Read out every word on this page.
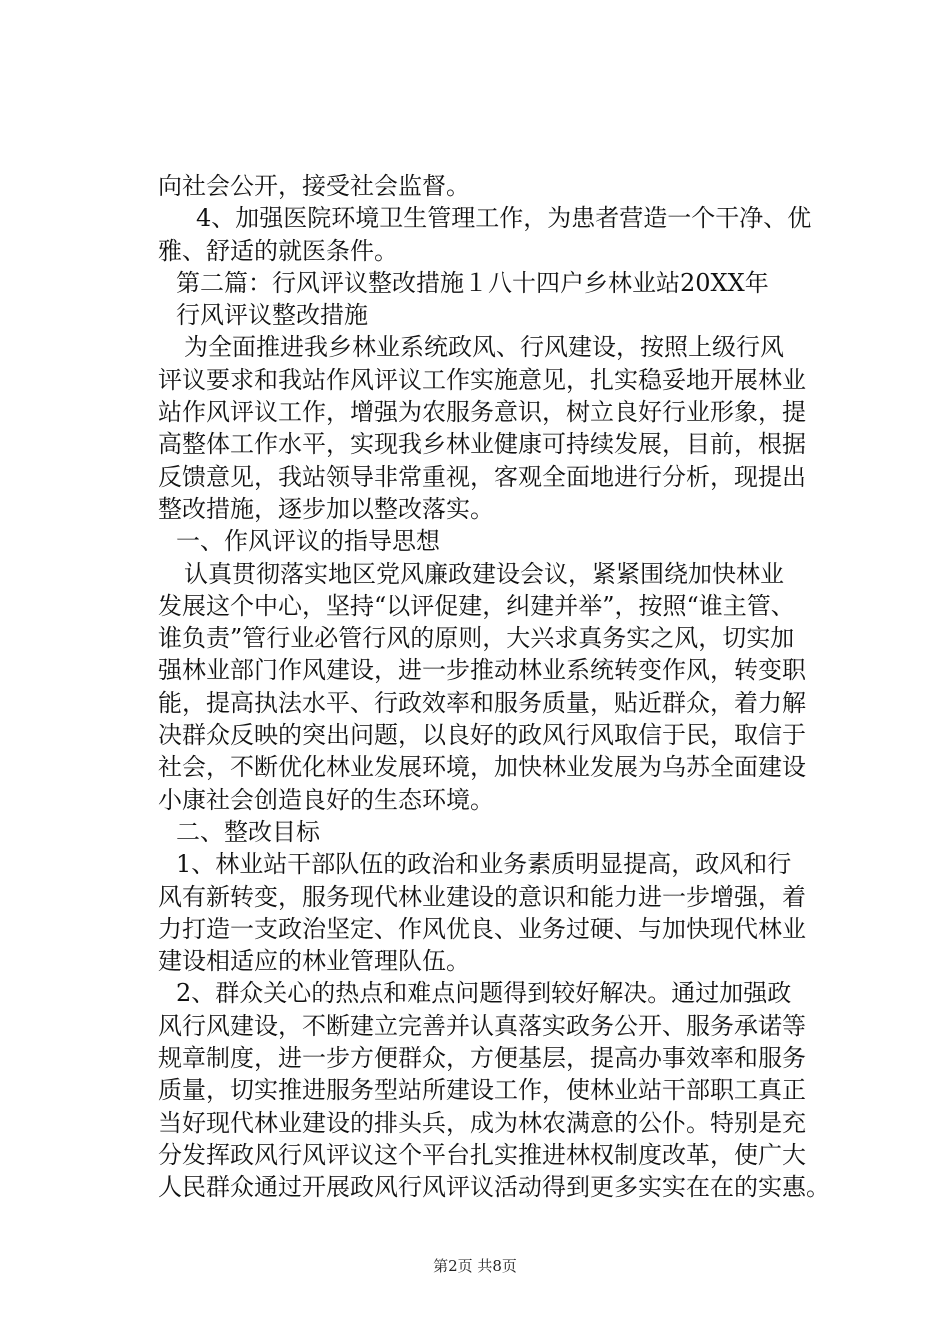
向社会公开，接受社会监督。
4、加强医院环境卫生管理工作，为患者营造一个干净、优
雅、舒适的就医条件。
第二篇：行风评议整改措施１八十四户乡林业站20XX年
行风评议整改措施
为全面推进我乡林业系统政风、行风建设，按照上级行风
评议要求和我站作风评议工作实施意见，扎实稳妥地开展林业
站作风评议工作，增强为农服务意识，树立良好行业形象，提
高整体工作水平，实现我乡林业健康可持续发展，目前，根据
反馈意见，我站领导非常重视，客观全面地进行分析，现提出
整改措施，逐步加以整改落实。
一、作风评议的指导思想
认真贯彻落实地区党风廉政建设会议，紧紧围绕加快林业
发展这个中心，坚持“以评促建，纠建并举”，按照“谁主管、
谁负责”管行业必管行风的原则，大兴求真务实之风，切实加
强林业部门作风建设，进一步推动林业系统转变作风，转变职
能，提高执法水平、行政效率和服务质量，贴近群众，着力解
决群众反映的突出问题，以良好的政风行风取信于民，取信于
社会，不断优化林业发展环境，加快林业发展为乌苏全面建设
小康社会创造良好的生态环境。
二、整改目标
1、林业站干部队伍的政治和业务素质明显提高，政风和行
风有新转变，服务现代林业建设的意识和能力进一步增强，着
力打造一支政治坚定、作风优良、业务过硬、与加快现代林业
建设相适应的林业管理队伍。
2、群众关心的热点和难点问题得到较好解决。通过加强政
风行风建设，不断建立完善并认真落实政务公开、服务承诺等
规章制度，进一步方便群众，方便基层，提高办事效率和服务
质量，切实推进服务型站所建设工作，使林业站干部职工真正
当好现代林业建设的排头兵，成为林农满意的公仆。特别是充
分发挥政风行风评议这个平台扎实推进林权制度改革，使广大
人民群众通过开展政风行风评议活动得到更多实实在在的实惠。
第2页 共8页
